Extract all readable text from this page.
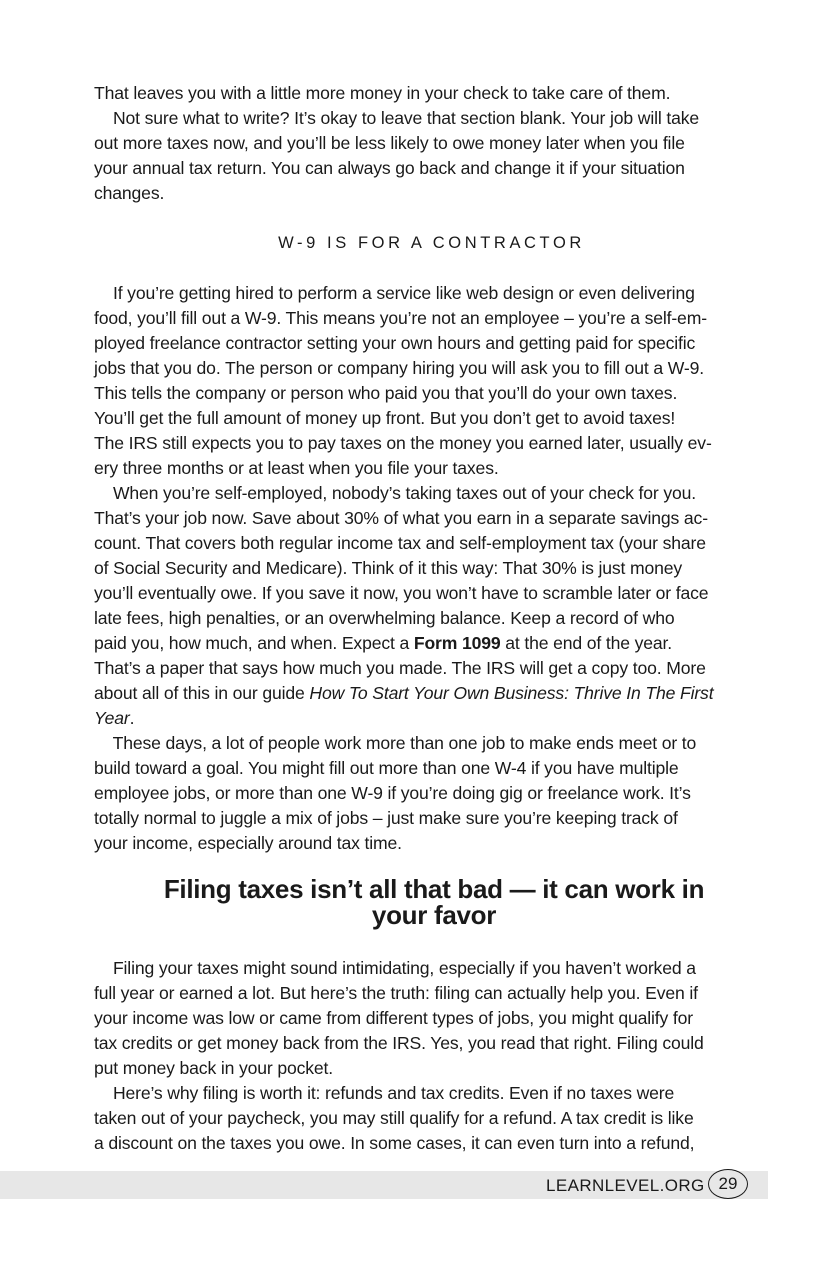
That leaves you with a little more money in your check to take care of them.
Not sure what to write? It’s okay to leave that section blank. Your job will take
out more taxes now, and you’ll be less likely to owe money later when you file
your annual tax return. You can always go back and change it if your situation
changes.
W-9 IS FOR A CONTRACTOR
If you’re getting hired to perform a service like web design or even delivering
food, you’ll fill out a W-9. This means you’re not an employee – you’re a self-em-
ployed freelance contractor setting your own hours and getting paid for specific
jobs that you do. The person or company hiring you will ask you to fill out a W-9.
This tells the company or person who paid you that you’ll do your own taxes.
You’ll get the full amount of money up front. But you don’t get to avoid taxes!
The IRS still expects you to pay taxes on the money you earned later, usually ev-
ery three months or at least when you file your taxes.
When you’re self-employed, nobody’s taking taxes out of your check for you.
That’s your job now. Save about 30% of what you earn in a separate savings ac-
count. That covers both regular income tax and self-employment tax (your share
of Social Security and Medicare). Think of it this way: That 30% is just money
you’ll eventually owe. If you save it now, you won’t have to scramble later or face
late fees, high penalties, or an overwhelming balance. Keep a record of who
paid you, how much, and when. Expect a Form 1099 at the end of the year.
That’s a paper that says how much you made. The IRS will get a copy too. More
about all of this in our guide How To Start Your Own Business: Thrive In The First
Year.
These days, a lot of people work more than one job to make ends meet or to
build toward a goal. You might fill out more than one W-4 if you have multiple
employee jobs, or more than one W-9 if you’re doing gig or freelance work. It’s
totally normal to juggle a mix of jobs – just make sure you’re keeping track of
your income, especially around tax time.
Filing taxes isn’t all that bad — it can work in
your favor
Filing your taxes might sound intimidating, especially if you haven’t worked a
full year or earned a lot. But here’s the truth: filing can actually help you. Even if
your income was low or came from different types of jobs, you might qualify for
tax credits or get money back from the IRS. Yes, you read that right. Filing could
put money back in your pocket.
Here’s why filing is worth it: refunds and tax credits. Even if no taxes were
taken out of your paycheck, you may still qualify for a refund. A tax credit is like
a discount on the taxes you owe. In some cases, it can even turn into a refund,
LEARNLEVEL.ORG 29
